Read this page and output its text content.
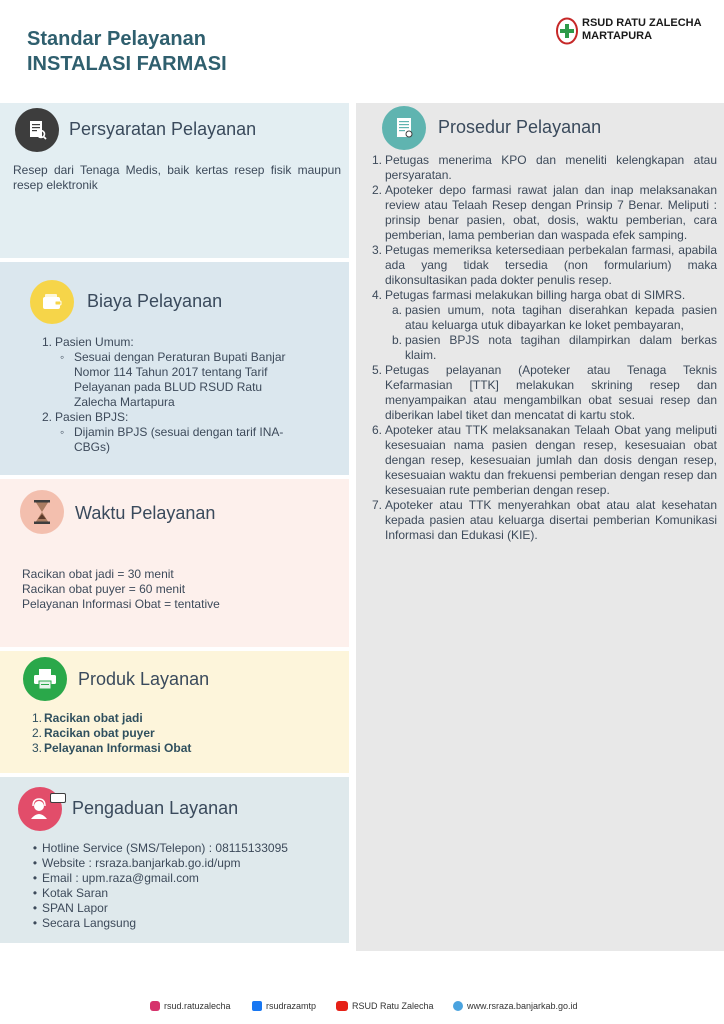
Standar Pelayanan
INSTALASI FARMASI
RSUD RATU ZALECHA
MARTAPURA
Persyaratan Pelayanan
Resep dari Tenaga Medis, baik kertas resep fisik maupun resep elektronik
Biaya Pelayanan
1. Pasien Umum:
◦ Sesuai dengan Peraturan Bupati Banjar Nomor 114 Tahun 2017 tentang Tarif Pelayanan pada BLUD RSUD Ratu Zalecha Martapura
2. Pasien BPJS:
◦ Dijamin BPJS (sesuai dengan tarif INA-CBGs)
Waktu Pelayanan
Racikan obat jadi = 30 menit
Racikan obat puyer = 60 menit
Pelayanan Informasi Obat = tentative
Produk Layanan
1. Racikan obat jadi
2. Racikan obat puyer
3. Pelayanan Informasi Obat
Pengaduan Layanan
• Hotline Service (SMS/Telepon) : 08115133095
• Website : rsraza.banjarkab.go.id/upm
• Email : upm.raza@gmail.com
• Kotak Saran
• SPAN Lapor
• Secara Langsung
Prosedur Pelayanan
1. Petugas menerima KPO dan meneliti kelengkapan atau persyaratan.
2. Apoteker depo farmasi rawat jalan dan inap melaksanakan review atau Telaah Resep dengan Prinsip 7 Benar. Meliputi : prinsip benar pasien, obat, dosis, waktu pemberian, cara pemberian, lama pemberian dan waspada efek samping.
3. Petugas memeriksa ketersediaan perbekalan farmasi, apabila ada yang tidak tersedia (non formularium) maka dikonsultasikan pada dokter penulis resep.
4. Petugas farmasi melakukan billing harga obat di SIMRS.
a. pasien umum, nota tagihan diserahkan kepada pasien atau keluarga utuk dibayarkan ke loket pembayaran,
b. pasien BPJS nota tagihan dilampirkan dalam berkas klaim.
5. Petugas pelayanan (Apoteker atau Tenaga Teknis Kefarmasian [TTK] melakukan skrining resep dan menyampaikan atau mengambilkan obat sesuai resep dan diberikan label tiket dan mencatat di kartu stok.
6. Apoteker atau TTK melaksanakan Telaah Obat yang meliputi kesesuaian nama pasien dengan resep, kesesuaian obat dengan resep, kesesuaian jumlah dan dosis dengan resep, kesesuaian waktu dan frekuensi pemberian dengan resep dan kesesuaian rute pemberian dengan resep.
7. Apoteker atau TTK menyerahkan obat atau alat kesehatan kepada pasien atau keluarga disertai pemberian Komunikasi Informasi dan Edukasi (KIE).
rsud.ratuzalecha	rsudrazamtp	RSUD Ratu Zalecha	www.rsraza.banjarkab.go.id
